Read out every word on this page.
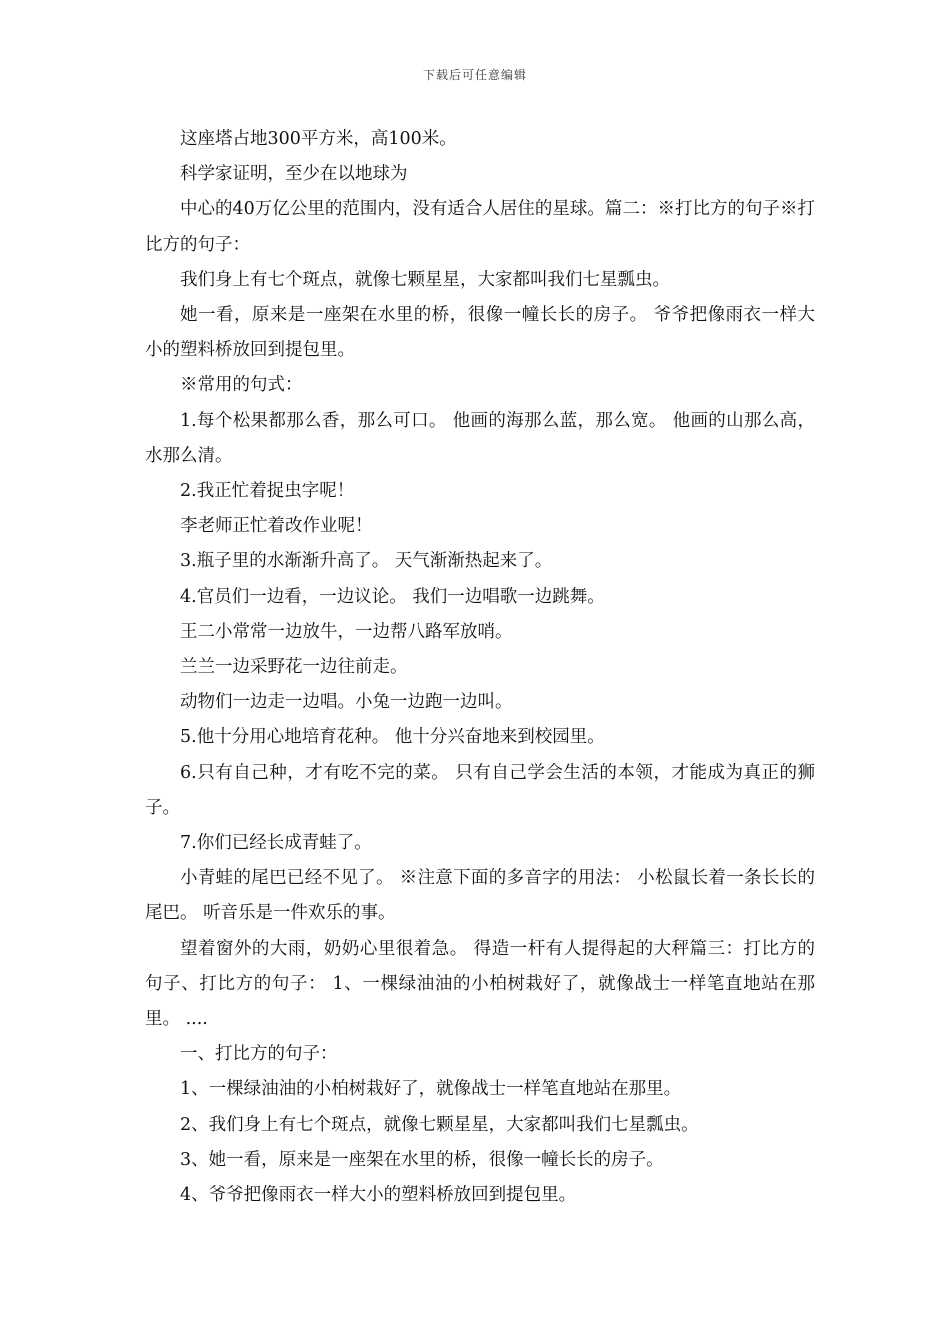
下载后可任意编辑

这座塔占地300平方米，高100米。

科学家证明，至少在以地球为

中心的40万亿公里的范围内，没有适合人居住的星球。篇二：※打比方的句子※打比方的句子：

我们身上有七个斑点，就像七颗星星，大家都叫我们七星瓢虫。

她一看，原来是一座架在水里的桥，很像一幢长长的房子。 爷爷把像雨衣一样大小的塑料桥放回到提包里。

※常用的句式：

1.每个松果都那么香，那么可口。 他画的海那么蓝，那么宽。 他画的山那么高，水那么清。

2.我正忙着捉虫字呢！

李老师正忙着改作业呢！

3.瓶子里的水渐渐升高了。 天气渐渐热起来了。

4.官员们一边看，一边议论。 我们一边唱歌一边跳舞。

王二小常常一边放牛，一边帮八路军放哨。

兰兰一边采野花一边往前走。

动物们一边走一边唱。小兔一边跑一边叫。

5.他十分用心地培育花种。 他十分兴奋地来到校园里。

6.只有自己种，才有吃不完的菜。 只有自己学会生活的本领，才能成为真正的狮子。

7.你们已经长成青蛙了。

小青蛙的尾巴已经不见了。 ※注意下面的多音字的用法： 小松鼠长着一条长长的尾巴。 听音乐是一件欢乐的事。

望着窗外的大雨，奶奶心里很着急。 得造一杆有人提得起的大秤篇三：打比方的句子、打比方的句子： 1、一棵绿油油的小柏树栽好了，就像战士一样笔直地站在那里。 ....

一、打比方的句子：

1、一棵绿油油的小柏树栽好了，就像战士一样笔直地站在那里。

2、我们身上有七个斑点，就像七颗星星，大家都叫我们七星瓢虫。

3、她一看，原来是一座架在水里的桥，很像一幢长长的房子。

4、爷爷把像雨衣一样大小的塑料桥放回到提包里。
